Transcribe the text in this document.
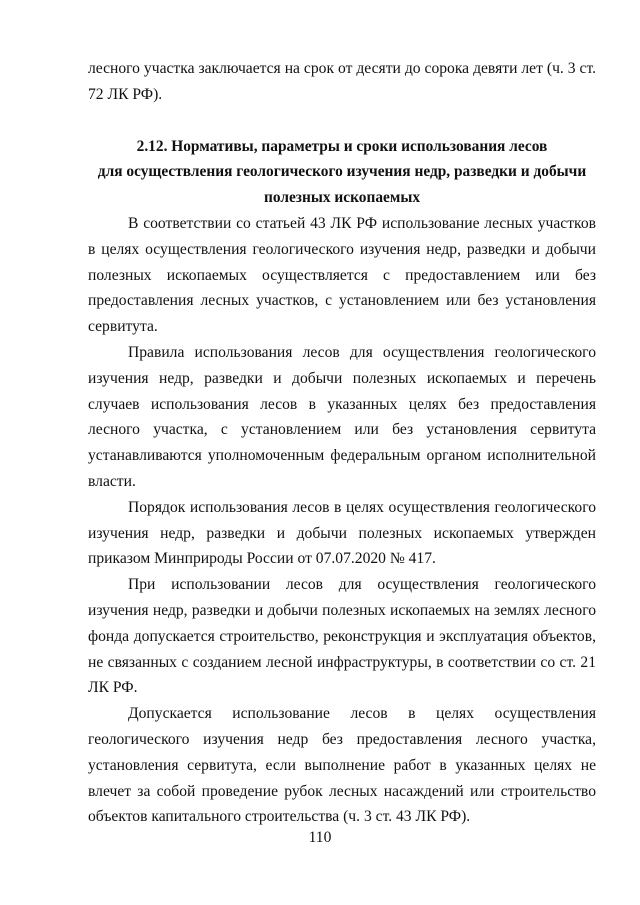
лесного участка заключается на срок от десяти до сорока девяти лет (ч. 3 ст. 72 ЛК РФ).

2.12. Нормативы, параметры и сроки использования лесов
для осуществления геологического изучения недр, разведки и добычи
полезных ископаемых

В соответствии со статьей 43 ЛК РФ использование лесных участков в целях осуществления геологического изучения недр, разведки и добычи полезных ископаемых осуществляется с предоставлением или без предоставления лесных участков, с установлением или без установления сервитута.

Правила использования лесов для осуществления геологического изучения недр, разведки и добычи полезных ископаемых и перечень случаев использования лесов в указанных целях без предоставления лесного участка, с установлением или без установления сервитута устанавливаются уполномоченным федеральным органом исполнительной власти.

Порядок использования лесов в целях осуществления геологического изучения недр, разведки и добычи полезных ископаемых утвержден приказом Минприроды России от 07.07.2020 № 417.

При использовании лесов для осуществления геологического изучения недр, разведки и добычи полезных ископаемых на землях лесного фонда допускается строительство, реконструкция и эксплуатация объектов, не связанных с созданием лесной инфраструктуры, в соответствии со ст. 21 ЛК РФ.

Допускается использование лесов в целях осуществления геологического изучения недр без предоставления лесного участка, установления сервитута, если выполнение работ в указанных целях не влечет за собой проведение рубок лесных насаждений или строительство объектов капитального строительства (ч. 3 ст. 43 ЛК РФ).

110
